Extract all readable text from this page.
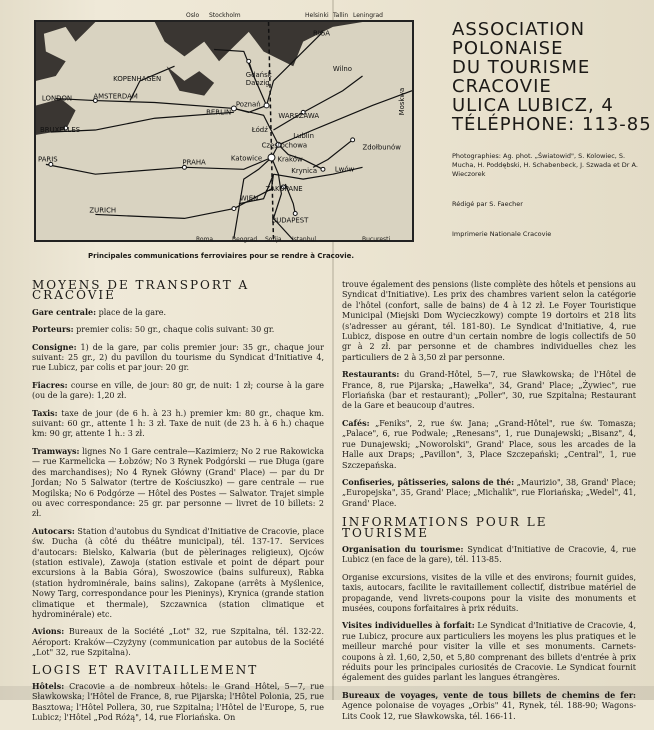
Oslo Stockholm	Helsinki Tallin Leningrad
RIGA
KOPENHAGEN	Gdańsk
Danzig
Wilno
Moskwa
LONDON	AMSTERDAM
BERLIN
Poznań
WARSZAWA
BRUXELLES	Łódź
Lublin
Zdołbunów
Częstochowa
PARIS	PRAHA	Katowice Kraków
Lwów
Krynica
ZAKOPANE
WIEN
ZURICH
BUDAPEST
Roma	Beograd Sofija Istanbul	Bucuresti
Principales communications ferroviaires pour se rendre à Cracovie.
ASSOCIATION
POLONAISE
DU TOURISME
CRACOVIE
ULICA LUBICZ, 4
TÉLÉPHONE: 113-85
Photographies: Ag. phot. „Światowid", S. Kolowiec, S. Mucha, H. Poddębski, H. Schabenbeck, J. Szwada et Dr A. Wieczorek
Rédigé par S. Faecher
Imprimerie Nationale Cracovie
MOYENS DE TRANSPORT A CRACOVIE
Gare centrale: place de la gare.
Porteurs: premier colis: 50 gr., chaque colis suivant: 30 gr.
Consigne: 1) de la gare, par colis premier jour: 35 gr., chaque jour suivant: 25 gr., 2) du pavillon du tourisme du Syndicat d'Initiative 4, rue Lubicz, par colis et par jour: 20 gr.
Fiacres: course en ville, de jour: 80 gr, de nuit: 1 zł; course à la gare (ou de la gare): 1,20 zł.
Taxis: taxe de jour (de 6 h. à 23 h.) premier km: 80 gr., chaque km. suivant: 60 gr., attente 1 h: 3 zł. Taxe de nuit (de 23 h. à 6 h.) chaque km: 90 gr, attente 1 h.: 3 zł.
Tramways: lignes No 1 Gare centrale—Kazimierz; No 2 rue Rakowicka — rue Karmelicka — Łobzów; No 3 Rynek Podgórski — rue Długa (gare des marchandises); No 4 Rynek Główny (Grand' Place) — par du Dr Jordan; No 5 Salwator (tertre de Kościuszko) — gare centrale — rue Mogilska; No 6 Podgórze — Hôtel des Postes — Salwator. Trajet simple ou avec correspondance: 25 gr. par personne — livret de 10 billets: 2 zł.
Autocars: Station d'autobus du Syndicat d'Initiative de Cracovie, place św. Ducha (à côté du théâtre municipal), tél. 137-17. Services d'autocars: Bielsko, Kalwaria (but de pèlerinages religieux), Ojców (station estivale), Zawoja (station estivale et point de départ pour excursions à la Babia Góra), Swoszowice (bains sulfureux), Rabka (station hydrominérale, bains salins), Zakopane (arrêts à Myślenice, Nowy Targ, correspondance pour les Pieninys), Krynica (grande station climatique et thermale), Szczawnica (station climatique et hydrominérale) etc.
Avions: Bureaux de la Société „Lot" 32, rue Szpitalna, tél. 132-22. Aéroport: Kraków—Czyżyny (communication par autobus de la Société „Lot" 32, rue Szpitalna).
LOGIS ET RAVITAILLEMENT
Hôtels: Cracovie a de nombreux hôtels: le Grand Hôtel, 5—7, rue Sławkowska; l'Hôtel de France, 8, rue Pijarska; l'Hôtel Polonia, 25, rue Basztowa; l'Hôtel Pollera, 30, rue Szpitalna; l'Hôtel de l'Europe, 5, rue Lubicz; l'Hôtel „Pod Różą", 14, rue Floriańska. On
trouve également des pensions (liste complète des hôtels et pensions au Syndicat d'Initiative). Les prix des chambres varient selon la catégorie de l'hôtel (confort, salle de bains) de 4 à 12 zł. Le Foyer Touristique Municipal (Miejski Dom Wycieczkowy) compte 19 dortoirs et 218 lits (s'adresser au gérant, tél. 181-80). Le Syndicat d'Initiative, 4, rue Lubicz, dispose en outre d'un certain nombre de logis collectifs de 50 gr à 2 zł. par personne et de chambres individuelles chez les particuliers de 2 à 3,50 zł par personne.
Restaurants: du Grand-Hôtel, 5—7, rue Sławkowska; de l'Hôtel de France, 8, rue Pijarska; „Hawełka", 34, Grand' Place; „Żywiec", rue Floriańska (bar et restaurant); „Poller", 30, rue Szpitalna; Restaurant de la Gare et beaucoup d'autres.
Cafés: „Feniks", 2, rue św. Jana; „Grand-Hôtel", rue św. Tomasza; „Palace", 6, rue Podwale; „Renesans", 1, rue Dunajewski; „Bisanz", 4, rue Dunajewski; „Noworolski", Grand' Place, sous les arcades de la Halle aux Draps; „Pavillon", 3, Place Szczepański; „Central", 1, rue Szczepańska.
Confiseries, pâtisseries, salons de thé: „Maurizio", 38, Grand' Place; „Europejska", 35, Grand' Place; „Michalik", rue Floriańska; „Wedel", 41, Grand' Place.
INFORMATIONS POUR LE TOURISME
Organisation du tourisme: Syndicat d'Initiative de Cracovie, 4, rue Lubicz (en face de la gare), tél. 113-85.
Organise excursions, visites de la ville et des environs; fournit guides, taxis, autocars, facilite le ravitaillement collectif, distribue matériel de propagande, vend livrets-coupons pour la visite des monuments et musées, coupons forfaitaires à prix réduits.
Visites individuelles à forfait: Le Syndicat d'Initiative de Cracovie, 4, rue Lubicz, procure aux particuliers les moyens les plus pratiques et le meilleur marché pour visiter la ville et ses monuments. Carnets-coupons à zł. 1,60, 2,50, et 5,80 comprenant des billets d'entrée à prix réduits pour les principales curiosités de Cracovie. Le Syndicat fournit également des guides parlant les langues étrangères.
Bureaux de voyages, vente de tous billets de chemins de fer: Agence polonaise de voyages „Orbis" 41, Rynek, tél. 188-90; Wagons-Lits Cook 12, rue Sławkowska, tél. 166-11.
